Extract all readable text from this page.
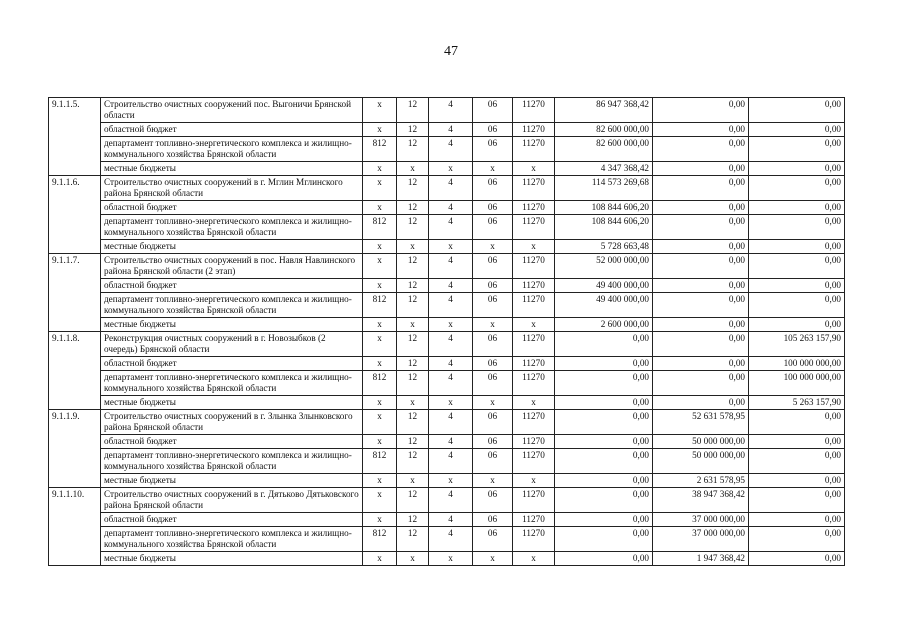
47
9.1.1.5.	Строительство очистных сооружений пос. Выгоничи Брянской области	х	12	4	06	11270	86 947 368,42	0,00	0,00
	областной бюджет	х	12	4	06	11270	82 600 000,00	0,00	0,00
	департамент топливно-энергетического комплекса и жилищно-коммунального хозяйства Брянской области	812	12	4	06	11270	82 600 000,00	0,00	0,00
	местные бюджеты	х	х	х	х	х	4 347 368,42	0,00	0,00
9.1.1.6.	Строительство очистных сооружений в г. Мглин Мглинского района Брянской области	х	12	4	06	11270	114 573 269,68	0,00	0,00
	областной бюджет	х	12	4	06	11270	108 844 606,20	0,00	0,00
	департамент топливно-энергетического комплекса и жилищно-коммунального хозяйства Брянской области	812	12	4	06	11270	108 844 606,20	0,00	0,00
	местные бюджеты	х	х	х	х	х	5 728 663,48	0,00	0,00
9.1.1.7.	Строительство очистных сооружений в пос. Навля Навлинского района Брянской области (2 этап)	х	12	4	06	11270	52 000 000,00	0,00	0,00
	областной бюджет	х	12	4	06	11270	49 400 000,00	0,00	0,00
	департамент топливно-энергетического комплекса и жилищно-коммунального хозяйства Брянской области	812	12	4	06	11270	49 400 000,00	0,00	0,00
	местные бюджеты	х	х	х	х	х	2 600 000,00	0,00	0,00
9.1.1.8.	Реконструкция очистных сооружений в г. Новозыбков (2 очередь) Брянской области	х	12	4	06	11270	0,00	0,00	105 263 157,90
	областной бюджет	х	12	4	06	11270	0,00	0,00	100 000 000,00
	департамент топливно-энергетического комплекса и жилищно-коммунального хозяйства Брянской области	812	12	4	06	11270	0,00	0,00	100 000 000,00
	местные бюджеты	х	х	х	х	х	0,00	0,00	5 263 157,90
9.1.1.9.	Строительство очистных сооружений в г. Злынка Злынковского района Брянской области	х	12	4	06	11270	0,00	52 631 578,95	0,00
	областной бюджет	х	12	4	06	11270	0,00	50 000 000,00	0,00
	департамент топливно-энергетического комплекса и жилищно-коммунального хозяйства Брянской области	812	12	4	06	11270	0,00	50 000 000,00	0,00
	местные бюджеты	х	х	х	х	х	0,00	2 631 578,95	0,00
9.1.1.10.	Строительство очистных сооружений в г. Дятьково Дятьковского района Брянской области	х	12	4	06	11270	0,00	38 947 368,42	0,00
	областной бюджет	х	12	4	06	11270	0,00	37 000 000,00	0,00
	департамент топливно-энергетического комплекса и жилищно-коммунального хозяйства Брянской области	812	12	4	06	11270	0,00	37 000 000,00	0,00
	местные бюджеты	х	х	х	х	х	0,00	1 947 368,42	0,00
